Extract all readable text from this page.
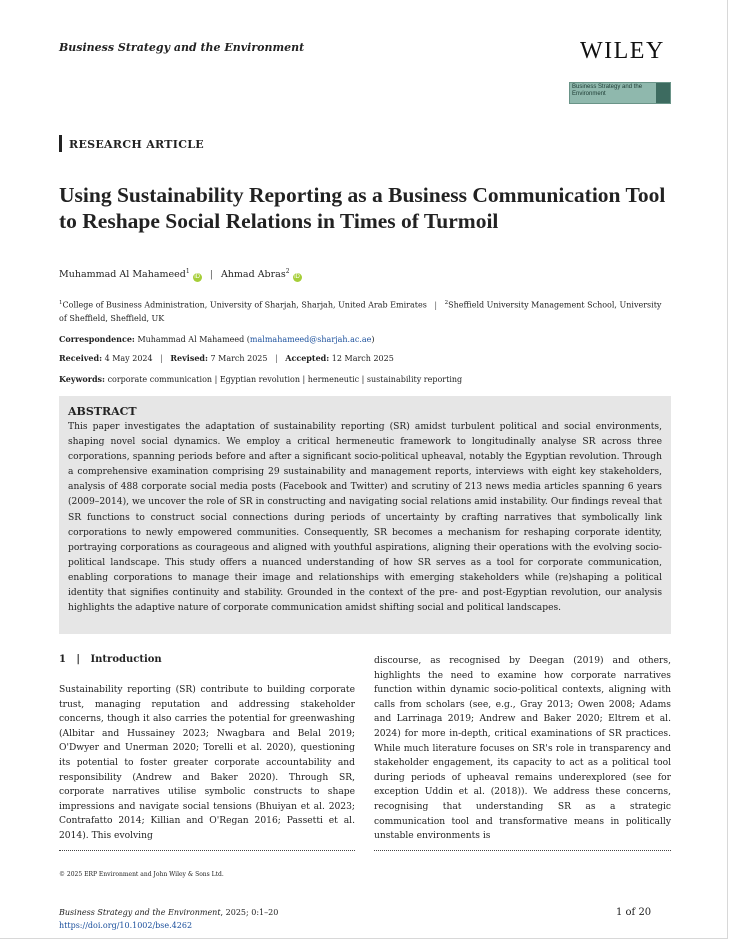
Business Strategy and the Environment	WILEY
Business Strategy and the Environment
RESEARCH ARTICLE
Using Sustainability Reporting as a Business Communication Tool to Reshape Social Relations in Times of Turmoil
Muhammad Al Mahameed$^1$iD | Ahmad Abras$^2$iD
$^1$College of Business Administration, University of Sharjah, Sharjah, United Arab Emirates | $^2$Sheffield University Management School, University of Sheffield, Sheffield, UK
Correspondence: Muhammad Al Mahameed (malmahameed@sharjah.ac.ae)
Received: 4 May 2024 | Revised: 7 March 2025 | Accepted: 12 March 2025
Keywords: corporate communication | Egyptian revolution | hermeneutic | sustainability reporting
ABSTRACT

This paper investigates the adaptation of sustainability reporting (SR) amidst turbulent political and social environments, shaping novel social dynamics. We employ a critical hermeneutic framework to longitudinally analyse SR across three corporations, spanning periods before and after a significant socio-political upheaval, notably the Egyptian revolution. Through a comprehensive examination comprising 29 sustainability and management reports, interviews with eight key stakeholders, analysis of 488 corporate social media posts (Facebook and Twitter) and scrutiny of 213 news media articles spanning 6 years (2009–2014), we uncover the role of SR in constructing and navigating social relations amid instability. Our findings reveal that SR functions to construct social connections during periods of uncertainty by crafting narratives that symbolically link corporations to newly empowered communities. Consequently, SR becomes a mechanism for reshaping corporate identity, portraying corporations as courageous and aligned with youthful aspirations, aligning their operations with the evolving socio-political landscape. This study offers a nuanced understanding of how SR serves as a tool for corporate communication, enabling corporations to manage their image and relationships with emerging stakeholders while (re)shaping a political identity that signifies continuity and stability. Grounded in the context of the pre- and post-Egyptian revolution, our analysis highlights the adaptive nature of corporate communication amidst shifting social and political landscapes.

1   |   Introduction

Sustainability reporting (SR) contribute to building corporate trust, managing reputation and addressing stakeholder concerns, though it also carries the potential for greenwashing (Albitar and Hussainey 2023; Nwagbara and Belal 2019; O'Dwyer and Unerman 2020; Torelli et al. 2020), questioning its potential to foster greater corporate accountability and responsibility (Andrew and Baker 2020). Through SR, corporate narratives utilise symbolic constructs to shape impressions and navigate social tensions (Bhuiyan et al. 2023; Contrafatto 2014; Killian and O'Regan 2016; Passetti et al. 2014). This evolving

discourse, as recognised by Deegan (2019) and others, highlights the need to examine how corporate narratives function within dynamic socio-political contexts, aligning with calls from scholars (see, e.g., Gray 2013; Owen 2008; Adams and Larrinaga 2019; Andrew and Baker 2020; Eltrem et al. 2024) for more in-depth, critical examinations of SR practices. While much literature focuses on SR's role in transparency and stakeholder engagement, its capacity to act as a political tool during periods of upheaval remains underexplored (see for exception Uddin et al. (2018)). We address these concerns, recognising that understanding SR as a strategic communication tool and transformative means in politically unstable environments is

© 2025 ERP Environment and John Wiley & Sons Ltd.
Business Strategy and the Environment, 2025; 0:1–20
https://doi.org/10.1002/bse.4262
1 of 20
